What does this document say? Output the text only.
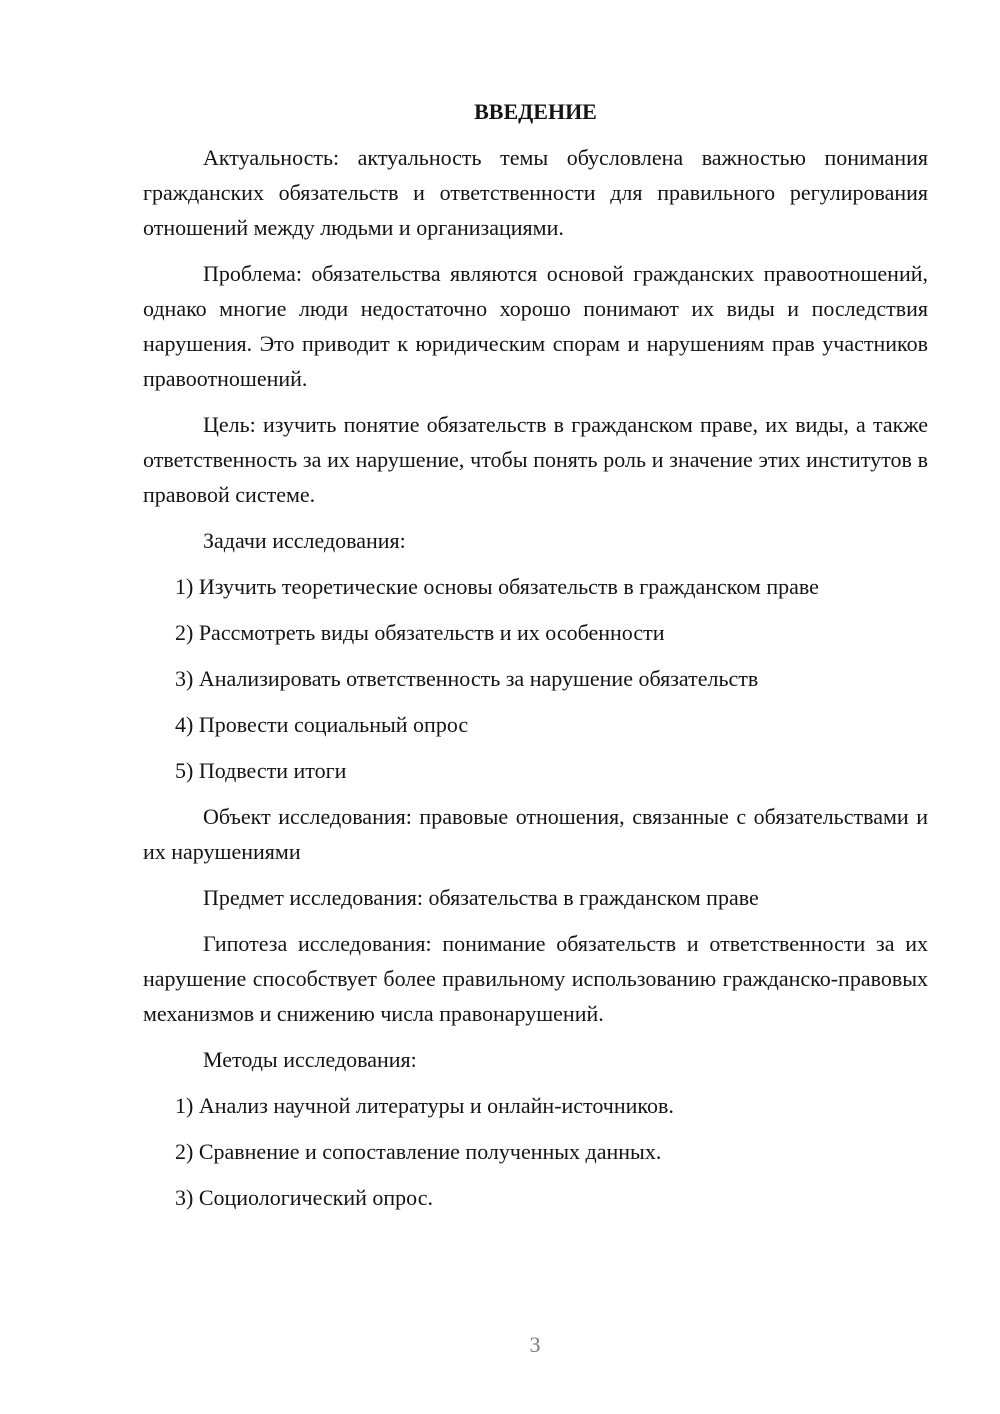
ВВЕДЕНИЕ

Актуальность: актуальность темы обусловлена важностью понимания гражданских обязательств и ответственности для правильного регулирования отношений между людьми и организациями.

Проблема: обязательства являются основой гражданских правоотношений, однако многие люди недостаточно хорошо понимают их виды и последствия нарушения. Это приводит к юридическим спорам и нарушениям прав участников правоотношений.

Цель: изучить понятие обязательств в гражданском праве, их виды, а также ответственность за их нарушение, чтобы понять роль и значение этих институтов в правовой системе.

Задачи исследования:

1) Изучить теоретические основы обязательств в гражданском праве

2) Рассмотреть виды обязательств и их особенности

3) Анализировать ответственность за нарушение обязательств

4) Провести социальный опрос

5) Подвести итоги

Объект исследования: правовые отношения, связанные с обязательствами и их нарушениями

Предмет исследования: обязательства в гражданском праве

Гипотеза исследования: понимание обязательств и ответственности за их нарушение способствует более правильному использованию гражданско-правовых механизмов и снижению числа правонарушений.

Методы исследования:

1) Анализ научной литературы и онлайн-источников.

2) Сравнение и сопоставление полученных данных.

3) Социологический опрос.

3
